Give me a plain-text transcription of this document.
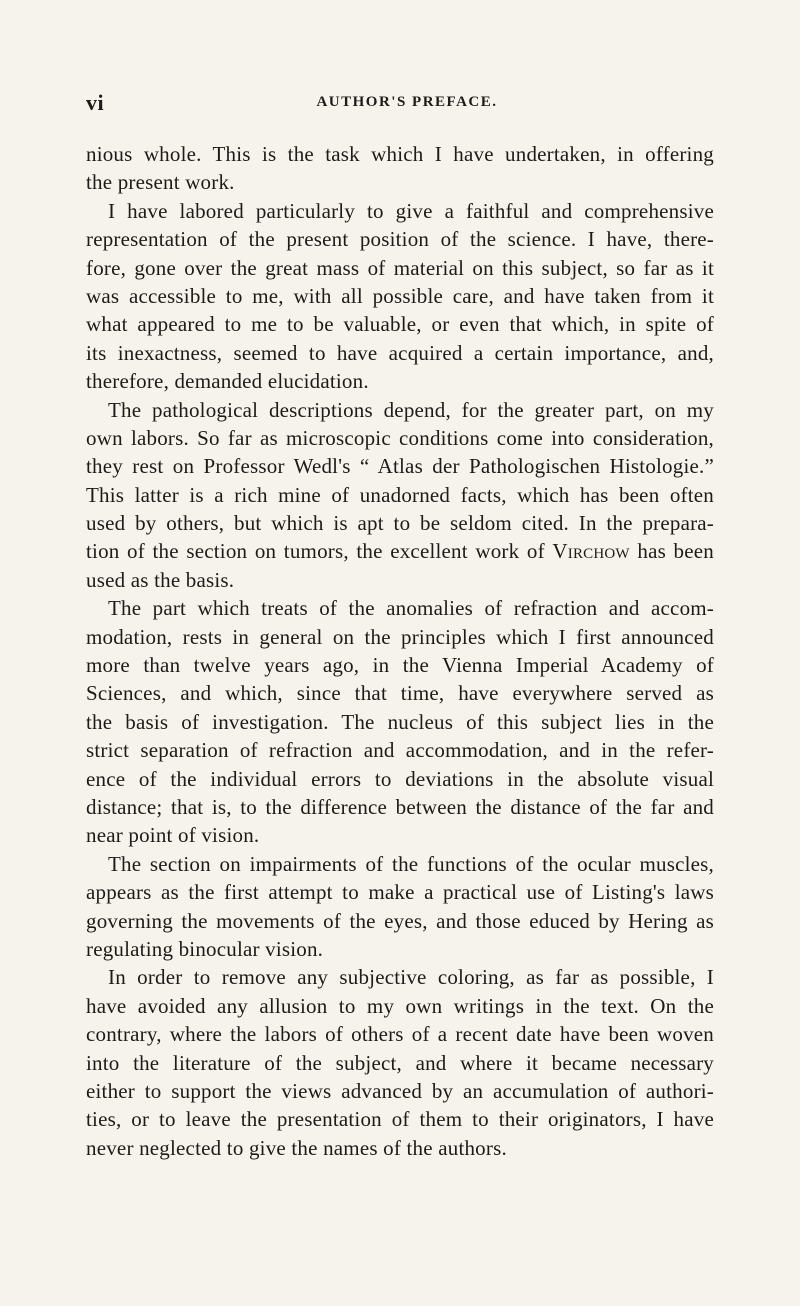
vi	AUTHOR'S PREFACE.
nious whole. This is the task which I have undertaken, in offering
the present work.
I have labored particularly to give a faithful and comprehensive
representation of the present position of the science. I have, there-
fore, gone over the great mass of material on this subject, so far as it
was accessible to me, with all possible care, and have taken from it
what appeared to me to be valuable, or even that which, in spite of
its inexactness, seemed to have acquired a certain importance, and,
therefore, demanded elucidation.
The pathological descriptions depend, for the greater part, on my
own labors. So far as microscopic conditions come into consideration,
they rest on Professor Wedl's “ Atlas der Pathologischen Histologie.”
This latter is a rich mine of unadorned facts, which has been often
used by others, but which is apt to be seldom cited. In the prepara-
tion of the section on tumors, the excellent work of Virchow has been
used as the basis.
The part which treats of the anomalies of refraction and accom-
modation, rests in general on the principles which I first announced
more than twelve years ago, in the Vienna Imperial Academy of
Sciences, and which, since that time, have everywhere served as
the basis of investigation. The nucleus of this subject lies in the
strict separation of refraction and accommodation, and in the refer-
ence of the individual errors to deviations in the absolute visual
distance; that is, to the difference between the distance of the far and
near point of vision.
The section on impairments of the functions of the ocular muscles,
appears as the first attempt to make a practical use of Listing's laws
governing the movements of the eyes, and those educed by Hering as
regulating binocular vision.
In order to remove any subjective coloring, as far as possible, I
have avoided any allusion to my own writings in the text. On the
contrary, where the labors of others of a recent date have been woven
into the literature of the subject, and where it became necessary
either to support the views advanced by an accumulation of authori-
ties, or to leave the presentation of them to their originators, I have
never neglected to give the names of the authors.
